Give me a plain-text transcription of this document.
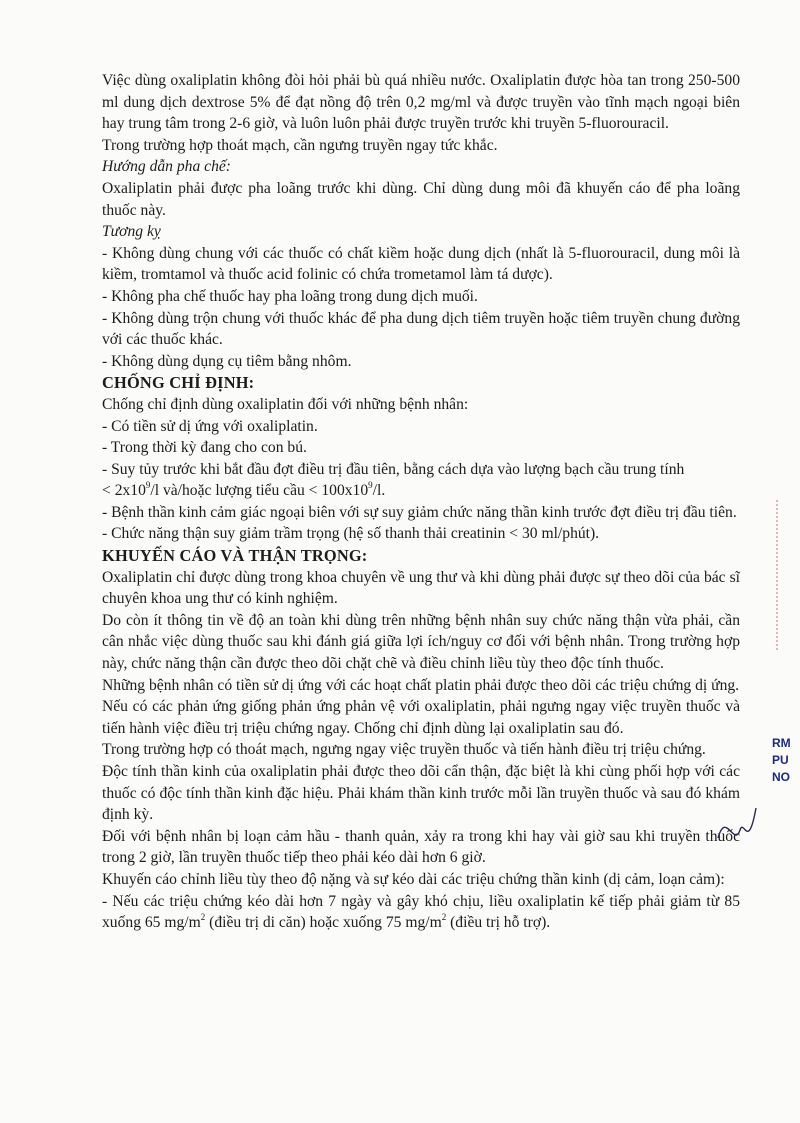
Việc dùng oxaliplatin không đòi hỏi phải bù quá nhiều nước. Oxaliplatin được hòa tan trong 250-500 ml dung dịch dextrose 5% để đạt nồng độ trên 0,2 mg/ml và được truyền vào tĩnh mạch ngoại biên hay trung tâm trong 2-6 giờ, và luôn luôn phải được truyền trước khi truyền 5-fluorouracil.

Trong trường hợp thoát mạch, cần ngưng truyền ngay tức khắc.

Hướng dẫn pha chế:

Oxaliplatin phải được pha loãng trước khi dùng. Chỉ dùng dung môi đã khuyến cáo để pha loãng thuốc này.

Tương kỵ

- Không dùng chung với các thuốc có chất kiềm hoặc dung dịch (nhất là 5-fluorouracil, dung môi là kiềm, tromtamol và thuốc acid folinic có chứa trometamol làm tá dược).

- Không pha chế thuốc hay pha loãng trong dung dịch muối.

- Không dùng trộn chung với thuốc khác để pha dung dịch tiêm truyền hoặc tiêm truyền chung đường với các thuốc khác.

- Không dùng dụng cụ tiêm bằng nhôm.

CHỐNG CHỈ ĐỊNH:

Chống chỉ định dùng oxaliplatin đối với những bệnh nhân:

- Có tiền sử dị ứng với oxaliplatin.

- Trong thời kỳ đang cho con bú.

- Suy tủy trước khi bắt đầu đợt điều trị đầu tiên, bằng cách dựa vào lượng bạch cầu trung tính

< $2x10^9/l$ và/hoặc lượng tiểu cầu < $100x10^9/l$.

- Bệnh thần kinh cảm giác ngoại biên với sự suy giảm chức năng thần kinh trước đợt điều trị đầu tiên.

- Chức năng thận suy giảm trầm trọng (hệ số thanh thải creatinin < 30 ml/phút).

KHUYẾN CÁO VÀ THẬN TRỌNG:

Oxaliplatin chỉ được dùng trong khoa chuyên về ung thư và khi dùng phải được sự theo dõi của bác sĩ chuyên khoa ung thư có kinh nghiệm.

Do còn ít thông tin về độ an toàn khi dùng trên những bệnh nhân suy chức năng thận vừa phải, cần cân nhắc việc dùng thuốc sau khi đánh giá giữa lợi ích/nguy cơ đối với bệnh nhân. Trong trường hợp này, chức năng thận cần được theo dõi chặt chẽ và điều chỉnh liều tùy theo độc tính thuốc.

Những bệnh nhân có tiền sử dị ứng với các hoạt chất platin phải được theo dõi các triệu chứng dị ứng.

Nếu có các phản ứng giống phản ứng phản vệ với oxaliplatin, phải ngưng ngay việc truyền thuốc và tiến hành việc điều trị triệu chứng ngay. Chống chỉ định dùng lại oxaliplatin sau đó.

Trong trường hợp có thoát mạch, ngưng ngay việc truyền thuốc và tiến hành điều trị triệu chứng.

Độc tính thần kinh của oxaliplatin phải được theo dõi cẩn thận, đặc biệt là khi cùng phối hợp với các thuốc có độc tính thần kinh đặc hiệu. Phải khám thần kinh trước mỗi lần truyền thuốc và sau đó khám định kỳ.

Đối với bệnh nhân bị loạn cảm hầu - thanh quản, xảy ra trong khi hay vài giờ sau khi truyền thuốc trong 2 giờ, lần truyền thuốc tiếp theo phải kéo dài hơn 6 giờ.

Khuyến cáo chỉnh liều tùy theo độ nặng và sự kéo dài các triệu chứng thần kinh (dị cảm, loạn cảm):

- Nếu các triệu chứng kéo dài hơn 7 ngày và gây khó chịu, liều oxaliplatin kế tiếp phải giảm từ 85 xuống 65 $mg/m^2$ (điều trị di căn) hoặc xuống 75 $mg/m^2$ (điều trị hỗ trợ).

RM
PU
NO
